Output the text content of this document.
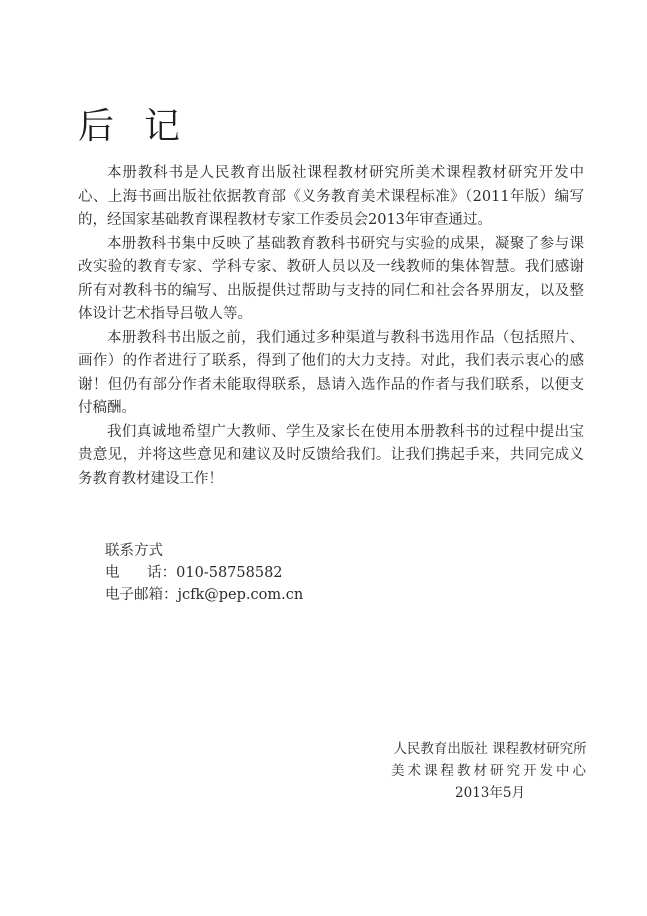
后记

本册教科书是人民教育出版社课程教材研究所美术课程教材研究开发中心、上海书画出版社依据教育部《义务教育美术课程标准》（2011年版）编写的，经国家基础教育课程教材专家工作委员会2013年审查通过。

本册教科书集中反映了基础教育教科书研究与实验的成果，凝聚了参与课改实验的教育专家、学科专家、教研人员以及一线教师的集体智慧。我们感谢所有对教科书的编写、出版提供过帮助与支持的同仁和社会各界朋友，以及整体设计艺术指导吕敬人等。

本册教科书出版之前，我们通过多种渠道与教科书选用作品（包括照片、画作）的作者进行了联系，得到了他们的大力支持。对此，我们表示衷心的感谢！但仍有部分作者未能取得联系，恳请入选作品的作者与我们联系，以便支付稿酬。

我们真诚地希望广大教师、学生及家长在使用本册教科书的过程中提出宝贵意见，并将这些意见和建议及时反馈给我们。让我们携起手来，共同完成义务教育教材建设工作！

联系方式
电      话：010-58758582
电子邮箱：jcfk@pep.com.cn
人民教育出版社 课程教材研究所
美术课程教材研究开发中心
2013年5月
